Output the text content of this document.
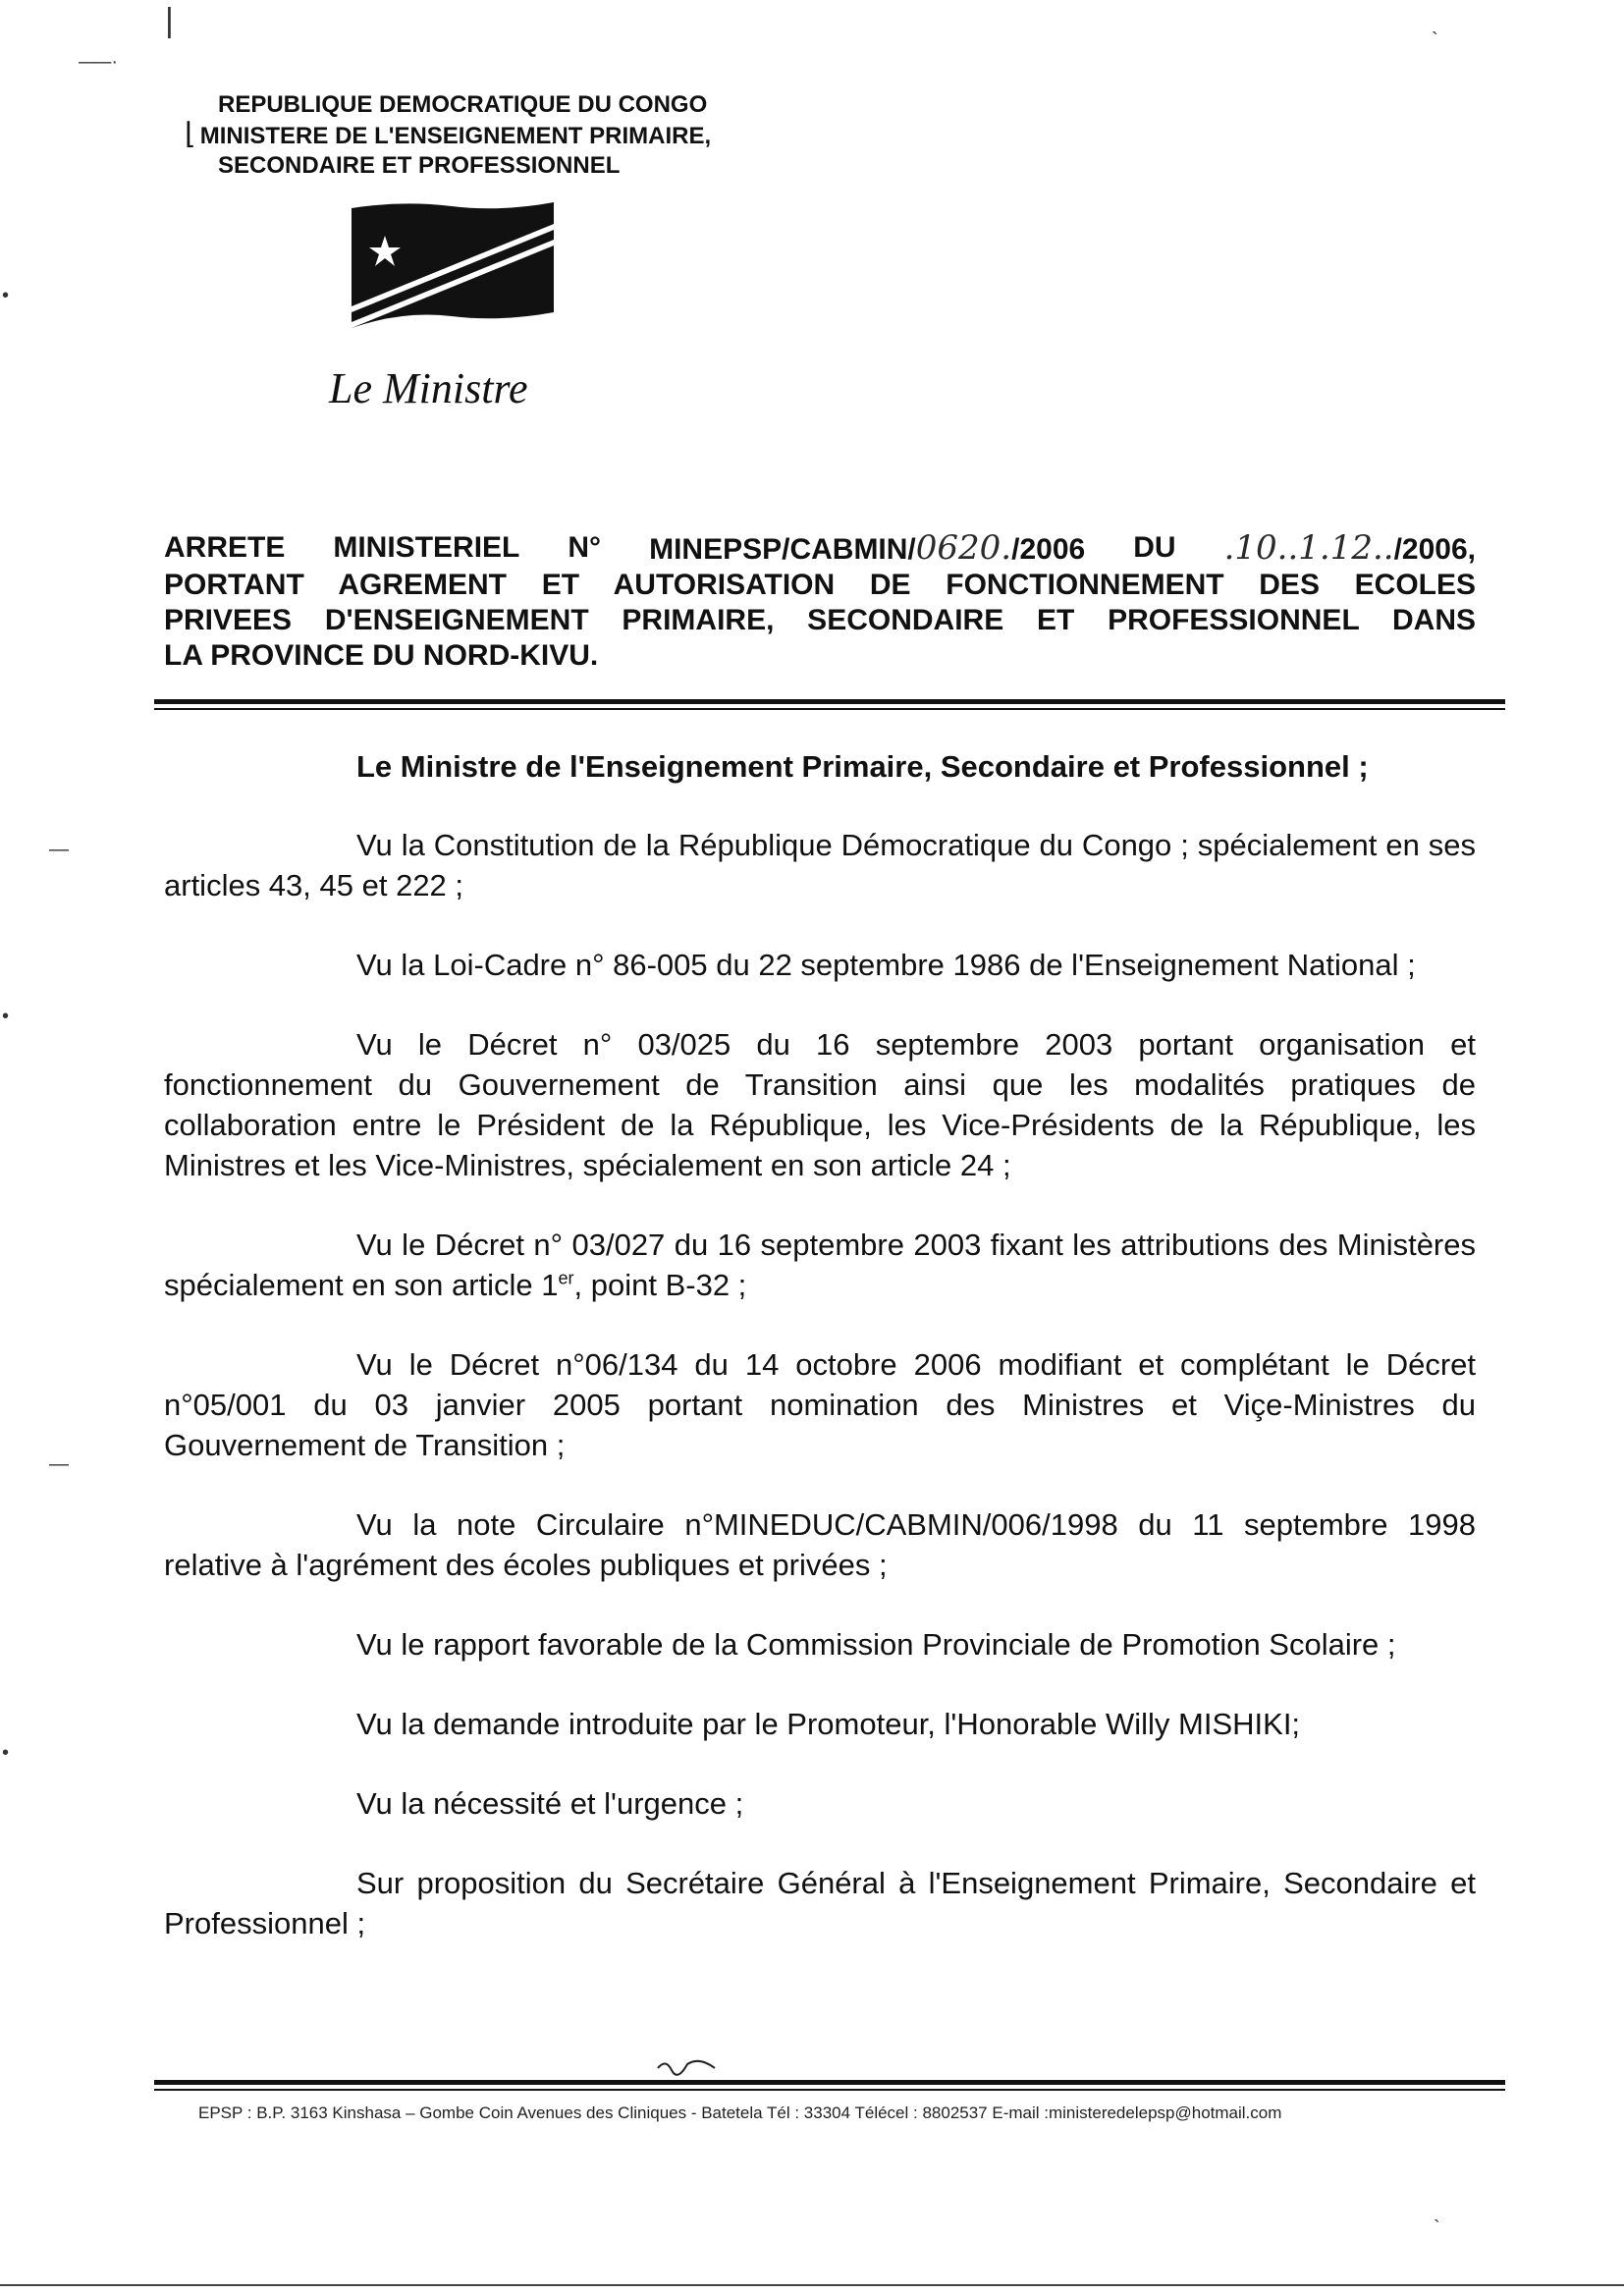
|
–––·
`
•
•
•
—
—
`
REPUBLIQUE DEMOCRATIQUE DU CONGO
⌊ MINISTERE DE L'ENSEIGNEMENT PRIMAIRE,
SECONDAIRE ET PROFESSIONNEL
Le Ministre
ARRETE MINISTERIEL N° MINEPSP/CABMIN/0620./2006 DU .10..1.12../2006,
PORTANT AGREMENT ET AUTORISATION DE FONCTIONNEMENT DES ECOLES
PRIVEES D'ENSEIGNEMENT PRIMAIRE, SECONDAIRE ET PROFESSIONNEL DANS
LA PROVINCE DU NORD-KIVU.

Le Ministre de l'Enseignement Primaire, Secondaire et Professionnel ;

Vu la Constitution de la République Démocratique du Congo ; spécialement en ses articles 43, 45 et 222 ;

Vu la Loi-Cadre n° 86-005 du 22 septembre 1986 de l'Enseignement National ;

Vu le Décret n° 03/025 du 16 septembre 2003 portant organisation et fonctionnement du Gouvernement de Transition ainsi que les modalités pratiques de collaboration entre le Président de la République, les Vice-Présidents de la République, les Ministres et les Vice-Ministres, spécialement en son article 24 ;

Vu le Décret n° 03/027 du 16 septembre 2003 fixant les attributions des Ministères spécialement en son article 1er, point B-32 ;

Vu le Décret n°06/134 du 14 octobre 2006 modifiant et complétant le Décret n°05/001 du 03 janvier 2005 portant nomination des Ministres et Viçe-Ministres du Gouvernement de Transition ;

Vu la note Circulaire n°MINEDUC/CABMIN/006/1998 du 11 septembre 1998 relative à l'agrément des écoles publiques et privées ;

Vu le rapport favorable de la Commission Provinciale de Promotion Scolaire ;

Vu la demande introduite par le Promoteur, l'Honorable Willy MISHIKI;

Vu la nécessité et l'urgence ;

Sur proposition du Secrétaire Général à l'Enseignement Primaire, Secondaire et Professionnel ;

EPSP : B.P. 3163 Kinshasa – Gombe Coin Avenues des Cliniques - Batetela Tél : 33304 Télécel : 8802537 E-mail :ministeredelepsp@hotmail.com
